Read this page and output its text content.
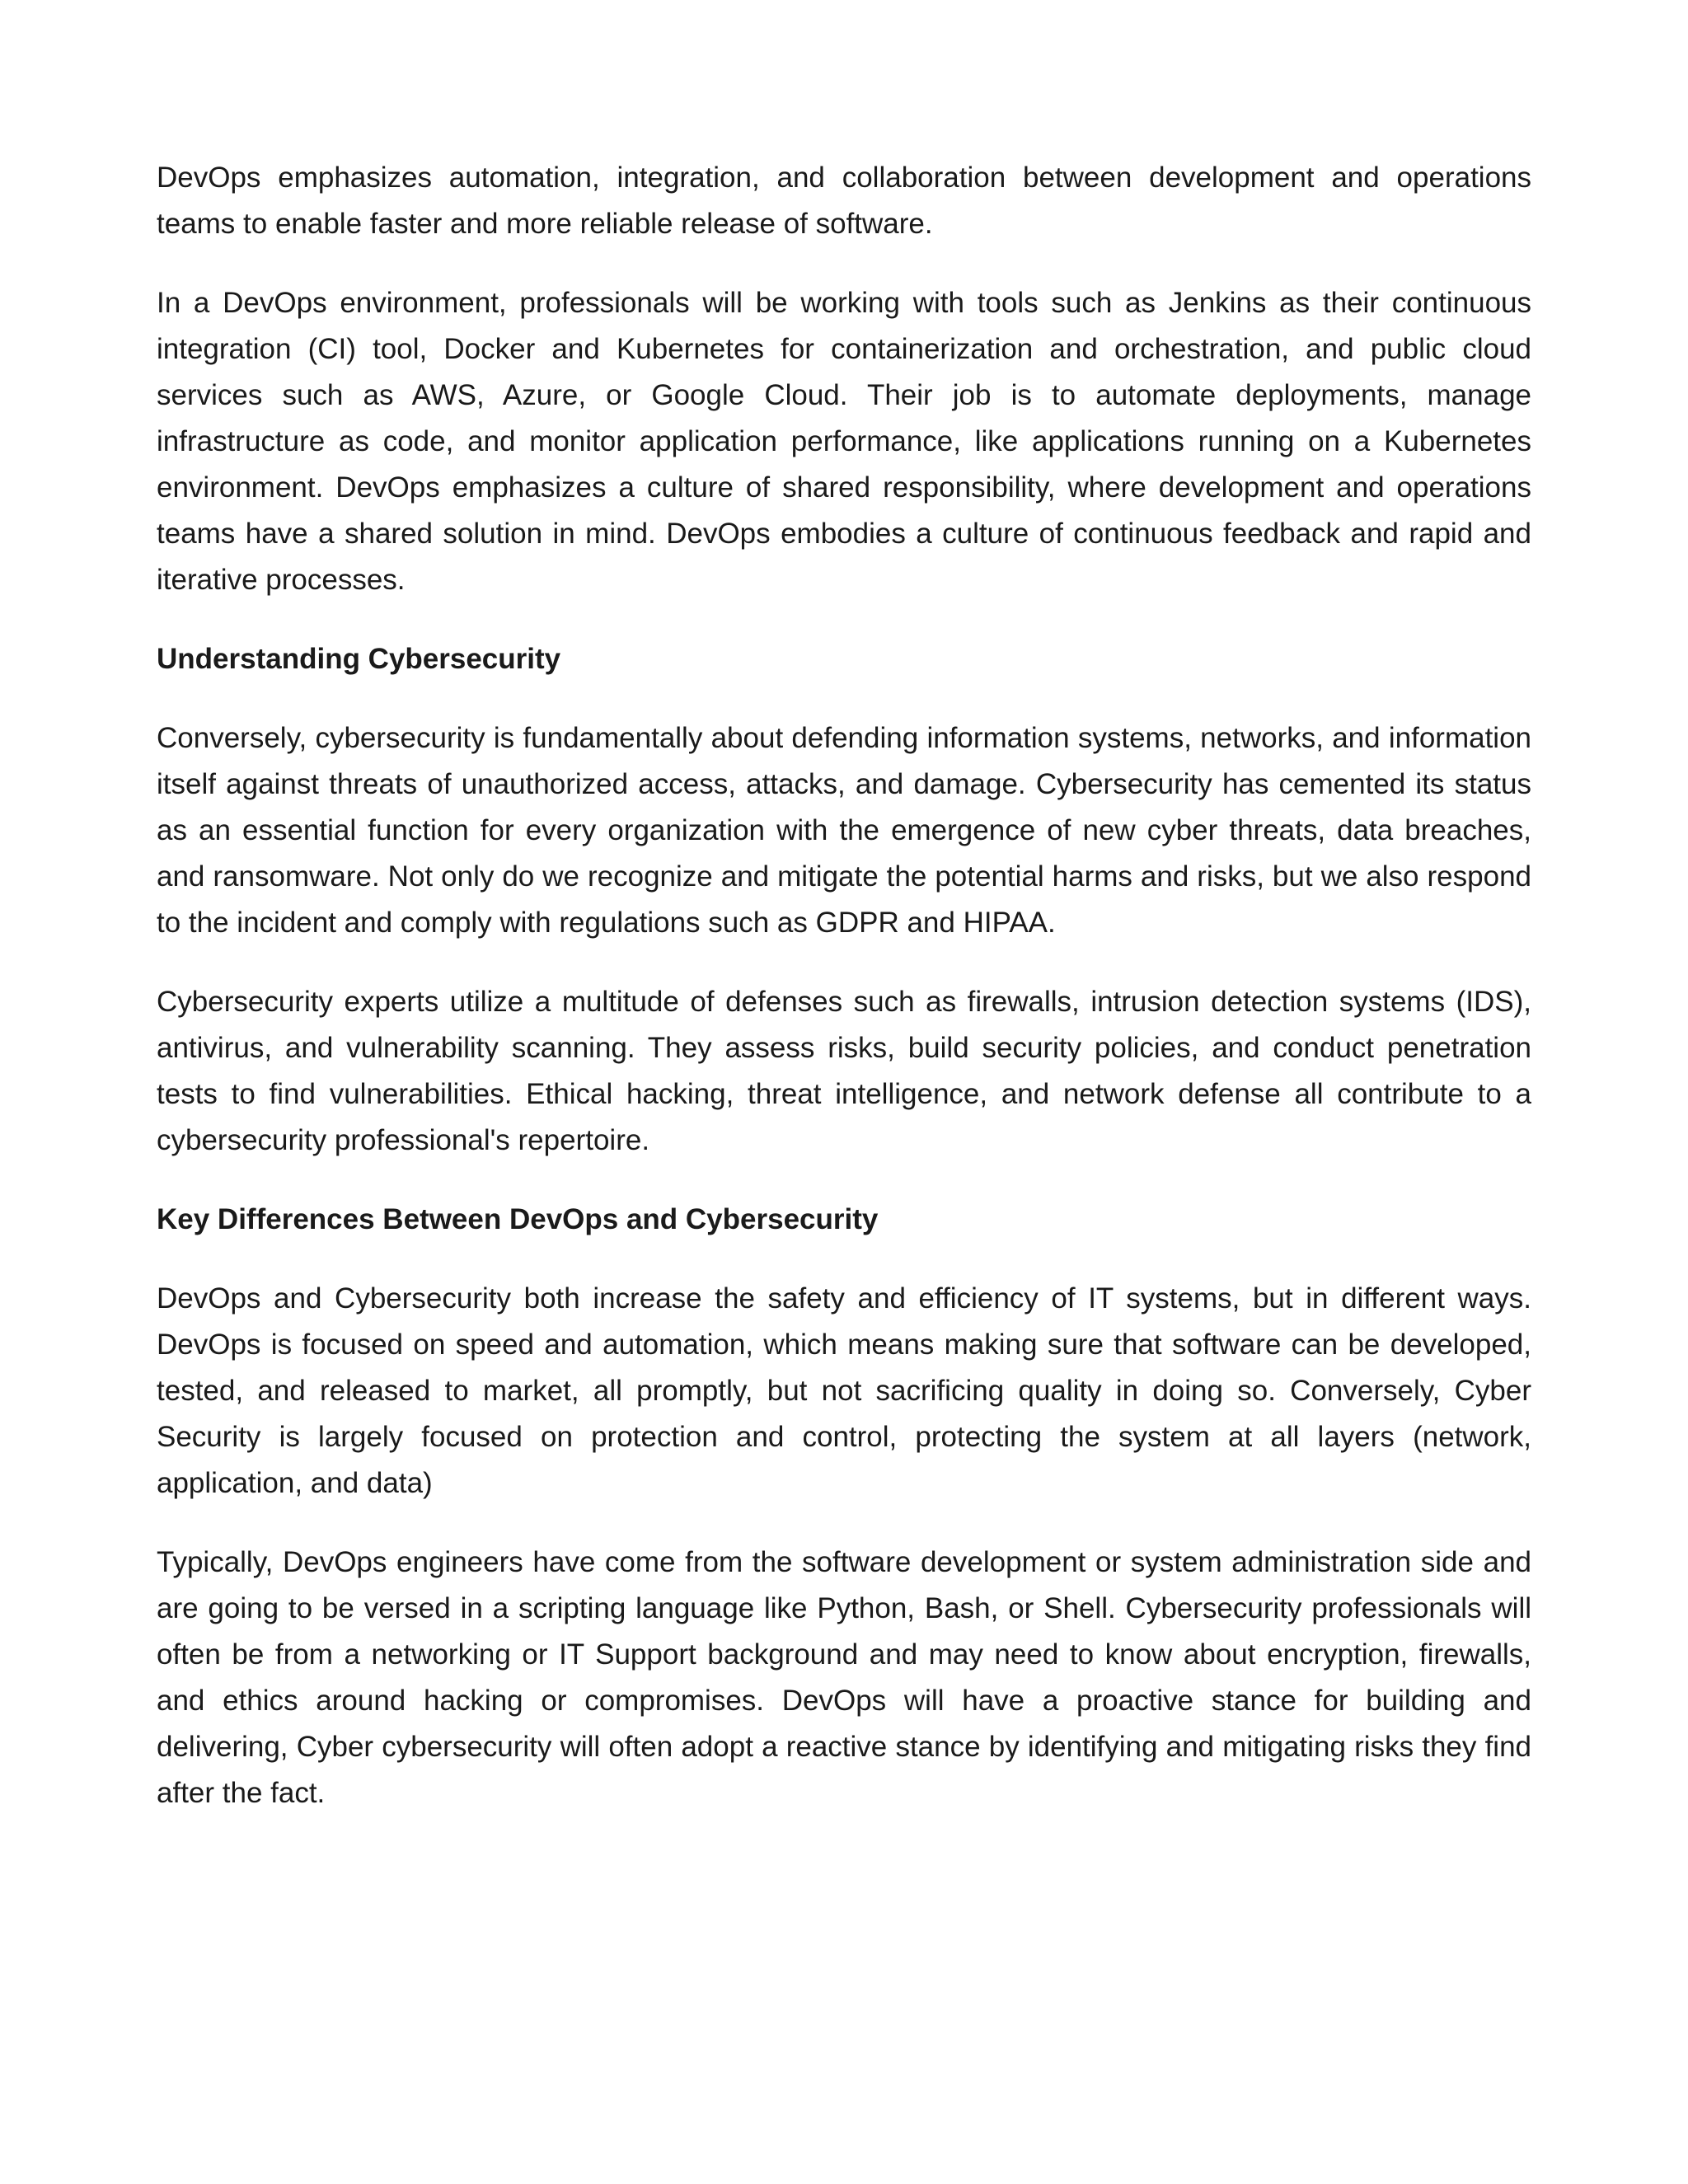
DevOps emphasizes automation, integration, and collaboration between development and operations teams to enable faster and more reliable release of software.

In a DevOps environment, professionals will be working with tools such as Jenkins as their continuous integration (CI) tool, Docker and Kubernetes for containerization and orchestration, and public cloud services such as AWS, Azure, or Google Cloud. Their job is to automate deployments, manage infrastructure as code, and monitor application performance, like applications running on a Kubernetes environment. DevOps emphasizes a culture of shared responsibility, where development and operations teams have a shared solution in mind. DevOps embodies a culture of continuous feedback and rapid and iterative processes.

Understanding Cybersecurity

Conversely, cybersecurity is fundamentally about defending information systems, networks, and information itself against threats of unauthorized access, attacks, and damage. Cybersecurity has cemented its status as an essential function for every organization with the emergence of new cyber threats, data breaches, and ransomware. Not only do we recognize and mitigate the potential harms and risks, but we also respond to the incident and comply with regulations such as GDPR and HIPAA.

Cybersecurity experts utilize a multitude of defenses such as firewalls, intrusion detection systems (IDS), antivirus, and vulnerability scanning. They assess risks, build security policies, and conduct penetration tests to find vulnerabilities. Ethical hacking, threat intelligence, and network defense all contribute to a cybersecurity professional's repertoire.

Key Differences Between DevOps and Cybersecurity

DevOps and Cybersecurity both increase the safety and efficiency of IT systems, but in different ways. DevOps is focused on speed and automation, which means making sure that software can be developed, tested, and released to market, all promptly, but not sacrificing quality in doing so. Conversely, Cyber Security is largely focused on protection and control, protecting the system at all layers (network, application, and data)

Typically, DevOps engineers have come from the software development or system administration side and are going to be versed in a scripting language like Python, Bash, or Shell. Cybersecurity professionals will often be from a networking or IT Support background and may need to know about encryption, firewalls, and ethics around hacking or compromises. DevOps will have a proactive stance for building and delivering, Cyber cybersecurity will often adopt a reactive stance by identifying and mitigating risks they find after the fact.
